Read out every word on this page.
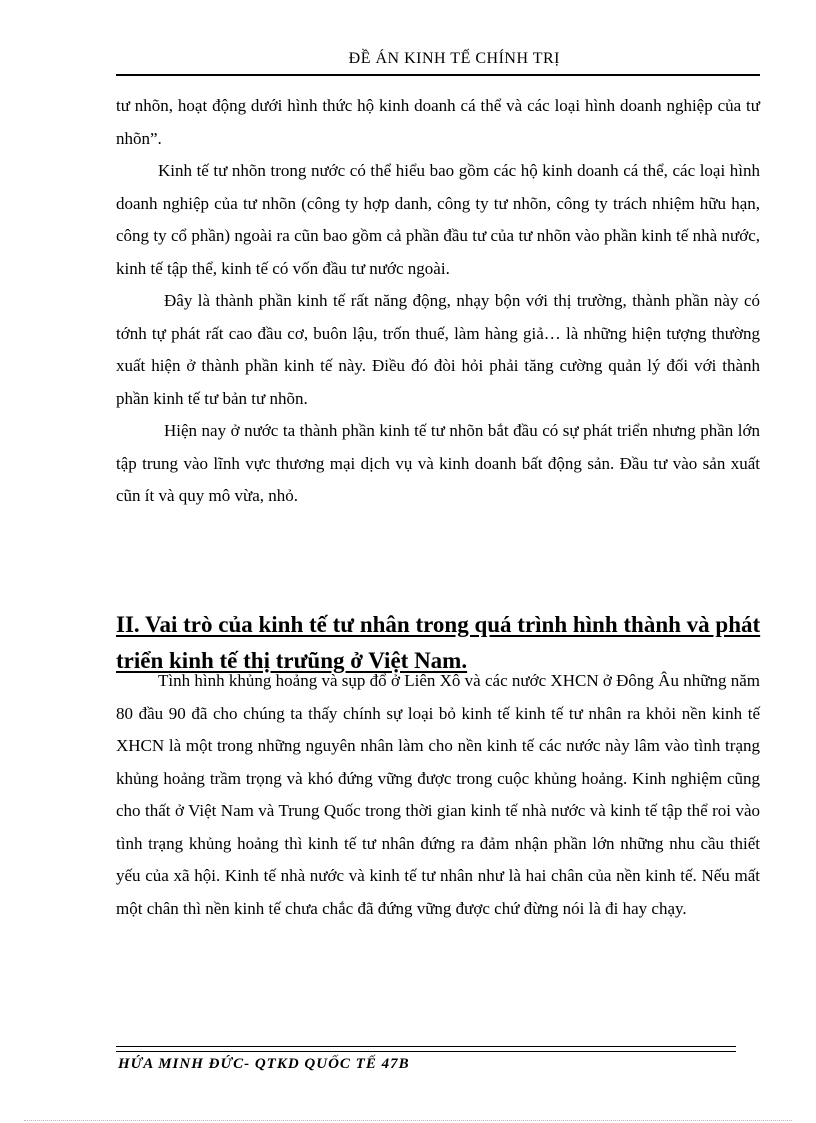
ĐỀ ÁN KINH TẾ CHÍNH TRỊ

tư nhõn, hoạt động dưới hình thức hộ kinh doanh cá thể và các loại hình doanh nghiệp của tư nhõn”.

Kinh tế tư nhõn trong nước có thể hiểu bao gồm các hộ kinh doanh cá thể, các loại hình doanh nghiệp của tư nhõn (công ty hợp danh, công ty tư nhõn, công ty trách nhiệm hữu hạn, công ty cổ phần) ngoài ra cũn bao gồm cả phần đầu tư của tư nhõn vào phần kinh tế nhà nước, kinh tế tập thể, kinh tế có vốn đầu tư nước ngoài.

Đây là thành phần kinh tế rất năng động, nhạy bộn với thị trường, thành phần này có tớnh tự phát rất cao đầu cơ, buôn lậu, trốn thuế, làm hàng giả… là những hiện tượng thường xuất hiện ở thành phần kinh tế này. Điều đó đòi hỏi phải tăng cường quản lý đối với thành phần kinh tế tư bản tư nhõn.

Hiện nay ở nước ta thành phần kinh tế tư nhõn bắt đầu có sự phát triển nhưng phần lớn tập trung vào lĩnh vực thương mại dịch vụ và kinh doanh bất động sản. Đầu tư vào sản xuất cũn ít và quy mô vừa, nhỏ.

II. Vai trò của kinh tế tư nhân trong quá trình hình thành và phát triển kinh tế thị trưũng ở Việt Nam.

Tình hình khủng hoảng và sụp đổ ở Liên Xô và các nước XHCN ở Đông Âu những năm 80 đầu 90 đã cho chúng ta thấy chính sự loại bỏ kinh tế kinh tế tư nhân ra khỏi nền kinh tế XHCN là một trong những nguyên nhân làm cho nền kinh tế các nước này lâm vào tình trạng khủng hoảng trầm trọng và khó đứng vững được trong cuộc khủng hoảng. Kinh nghiệm cũng cho thất ở Việt Nam và Trung Quốc trong thời gian kinh tế nhà nước và kinh tế tập thể roi vào tình trạng khủng hoảng thì kinh tế tư nhân đứng ra đảm nhận phần lớn những nhu cầu thiết yếu của xã hội. Kinh tế nhà nước và kinh tế tư nhân như là hai chân của nền kinh tế. Nếu mất một chân thì nền kinh tế chưa chắc đã đứng vững được chứ đừng nói là đi hay chạy.

HỨA MINH ĐỨC- QTKD QUỐC TẾ 47B
